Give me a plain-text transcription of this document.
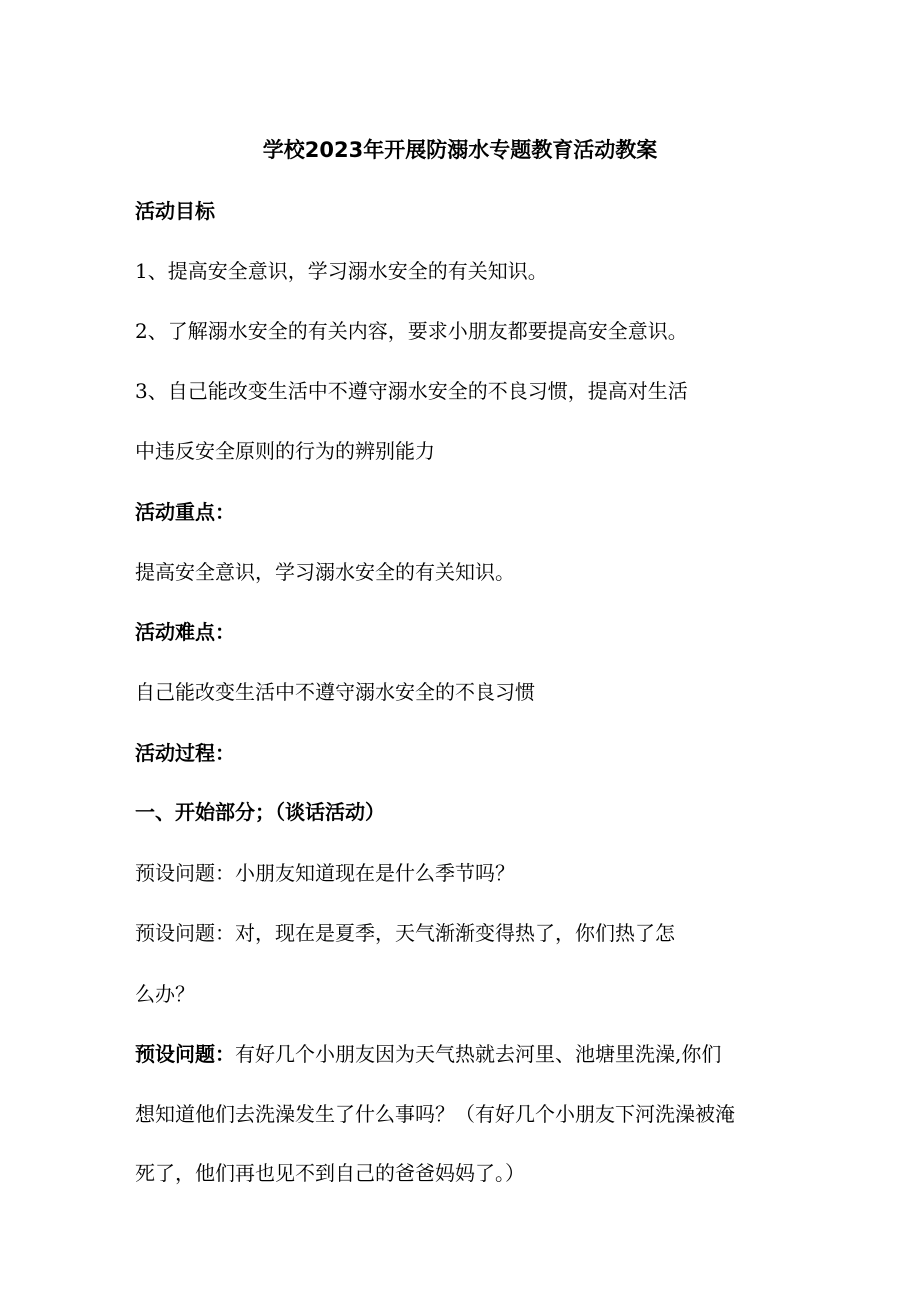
学校2023年开展防溺水专题教育活动教案
活动目标
1、提高安全意识，学习溺水安全的有关知识。
2、了解溺水安全的有关内容，要求小朋友都要提高安全意识。
3、自己能改变生活中不遵守溺水安全的不良习惯，提高对生活
中违反安全原则的行为的辨别能力
活动重点：
提高安全意识，学习溺水安全的有关知识。
活动难点：
自己能改变生活中不遵守溺水安全的不良习惯
活动过程：
一、开始部分；（谈话活动）
预设问题：小朋友知道现在是什么季节吗？
预设问题：对，现在是夏季，天气渐渐变得热了，你们热了怎
么办？
预设问题：有好几个小朋友因为天气热就去河里、池塘里洗澡,你们
想知道他们去洗澡发生了什么事吗？（有好几个小朋友下河洗澡被淹
死了，他们再也见不到自己的爸爸妈妈了。）
